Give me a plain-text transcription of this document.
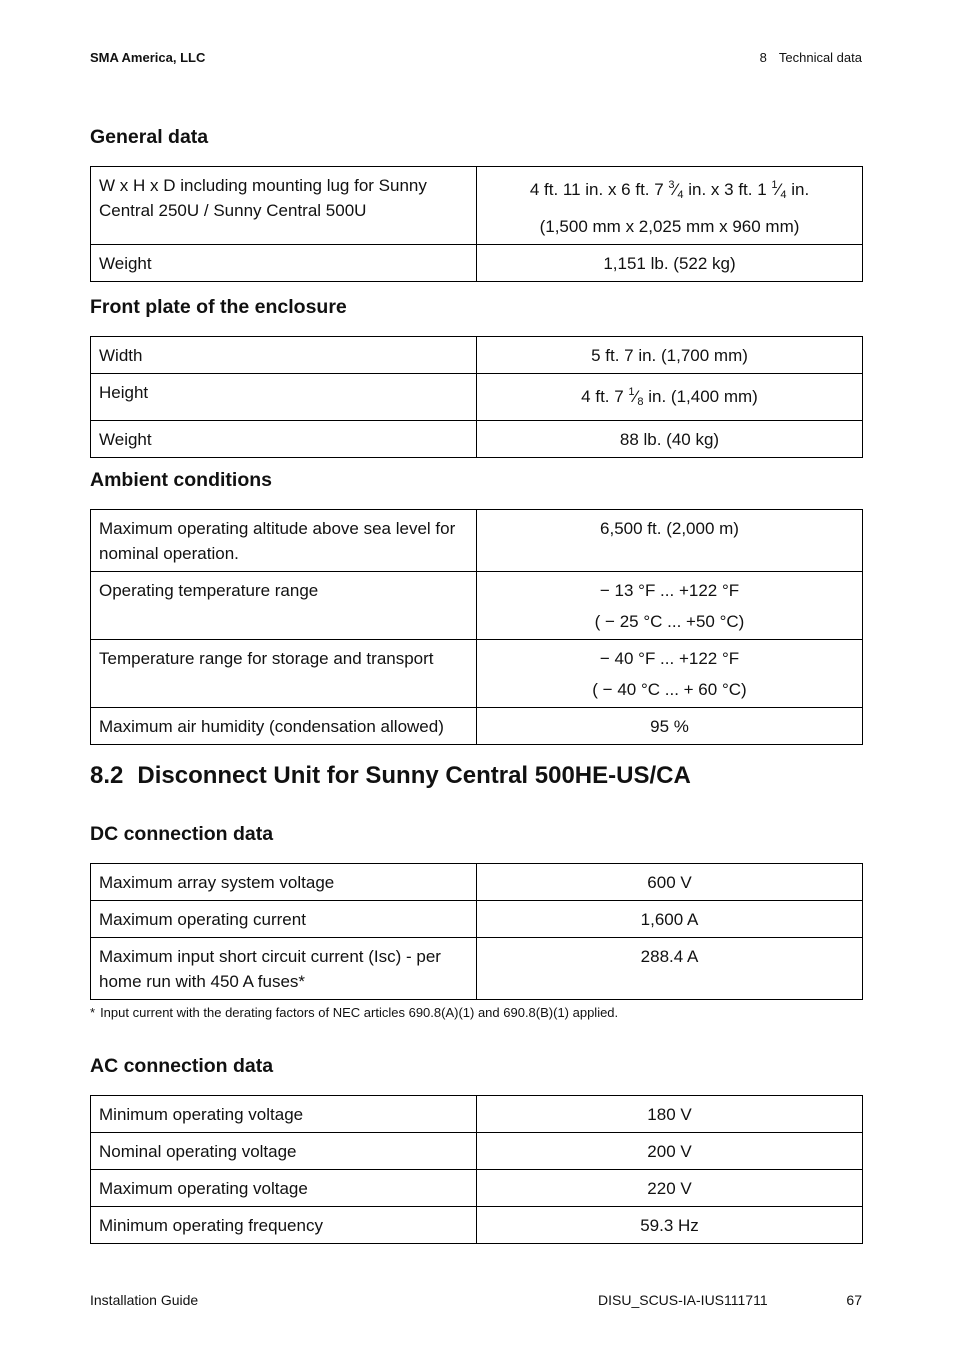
SMA America, LLC	8 Technical data
General data
W x H x D including mounting lug for Sunny Central 250U / Sunny Central 500U	4 ft. 11 in. x 6 ft. 7 $^3⁄_4$ in. x 3 ft. 1 $^1⁄_4$ in.
(1,500 mm x 2,025 mm x 960 mm)

Weight	1,151 lb. (522 kg)
Front plate of the enclosure
Width	5 ft. 7 in. (1,700 mm)
Height	4 ft. 7 $^1⁄_8$ in. (1,400 mm)
Weight	88 lb. (40 kg)
Ambient conditions
Maximum operating altitude above sea level for nominal operation.	6,500 ft. (2,000 m)
Operating temperature range	− 13 °F ... +122 °F
( − 25 °C ... +50 °C)

Temperature range for storage and transport	− 40 °F ... +122 °F
( − 40 °C ... + 60 °C)

Maximum air humidity (condensation allowed)	95 %
8.2 Disconnect Unit for Sunny Central 500HE-US/CA
DC connection data
Maximum array system voltage	600 V
Maximum operating current	1,600 A
Maximum input short circuit current (Isc) - per home run with 450 A fuses*	288.4 A
* Input current with the derating factors of NEC articles 690.8(A)(1) and 690.8(B)(1) applied.
AC connection data
Minimum operating voltage	180 V
Nominal operating voltage	200 V
Maximum operating voltage	220 V
Minimum operating frequency	59.3 Hz
Installation Guide	DISU_SCUS-IA-IUS111711	67
